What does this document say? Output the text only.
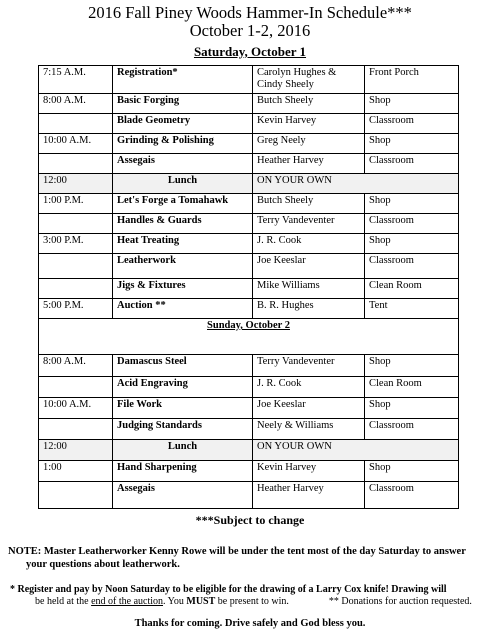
2016 Fall Piney Woods Hammer-In Schedule***
October 1-2, 2016
Saturday, October 1
7:15 A.M.	Registration*	Carolyn Hughes & Cindy Sheely	Front Porch
8:00 A.M.	Basic Forging	Butch Sheely	Shop
	Blade Geometry	Kevin Harvey	Classroom
10:00 A.M.	Grinding & Polishing	Greg Neely	Shop
	Assegais	Heather Harvey	Classroom
12:00	Lunch	ON YOUR OWN	
1:00 P.M.	Let's Forge a Tomahawk	Butch Sheely	Shop
	Handles & Guards	Terry Vandeventer	Classroom
3:00 P.M.	Heat Treating	J. R. Cook	Shop
	Leatherwork	Joe Keeslar	Classroom
	Jigs & Fixtures	Mike Williams	Clean Room
5:00 P.M.	Auction **	B. R. Hughes	Tent
Sunday, October 2			
8:00 A.M.	Damascus Steel	Terry Vandeventer	Shop
	Acid Engraving	J. R. Cook	Clean Room
10:00 A.M.	File Work	Joe Keeslar	Shop
	Judging Standards	Neely & Williams	Classroom
12:00	Lunch	ON YOUR OWN	
1:00	Hand Sharpening	Kevin Harvey	Shop
	Assegais	Heather Harvey	Classroom
***Subject to change
NOTE: Master Leatherworker Kenny Rowe will be under the tent most of the day Saturday to answer
your questions about leatherwork.
* Register and pay by Noon Saturday to be eligible for the drawing of a Larry Cox knife! Drawing will
be held at the end of the auction. You MUST be present to win.	** Donations for auction requested.
Thanks for coming. Drive safely and God bless you.
